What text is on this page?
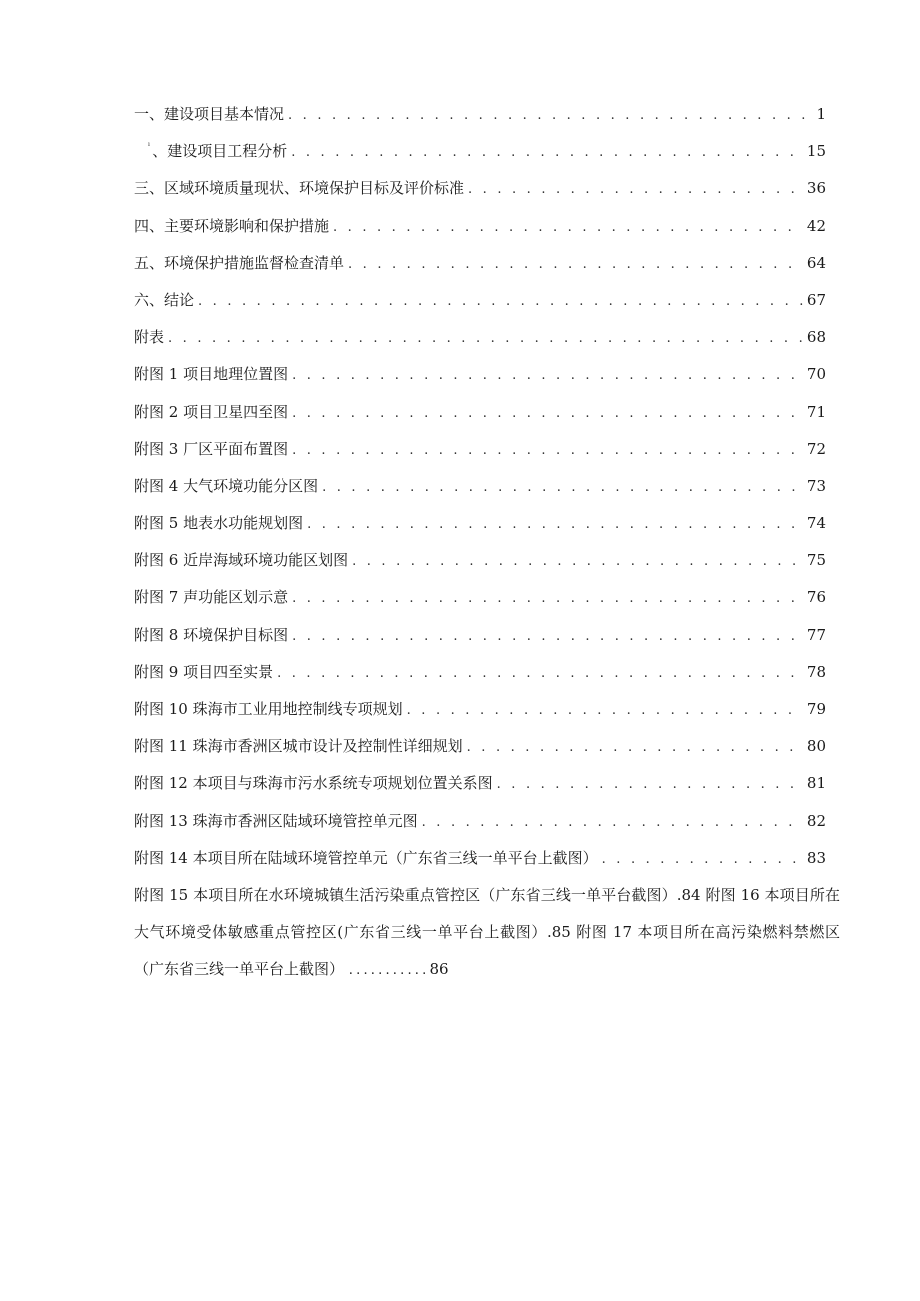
一、建设项目基本情况 . . .	1
$^ˡ$ 、建设项目工程分析 . . .	15
三、区域环境质量现状、环境保护目标及评价标准 . . .	36
四、主要环境影响和保护措施 . . .	42
五、环境保护措施监督检查清单 . . .	64
六、结论 . . .	67
附表 . . .	68
附图 1 项目地理位置图 . . .	70
附图 2 项目卫星四至图 . . .	71
附图 3 厂区平面布置图 . . .	72
附图 4 大气环境功能分区图 . . .	73
附图 5 地表水功能规划图 . . .	74
附图 6 近岸海域环境功能区划图 . . .	75
附图 7 声功能区划示意 . . .	76
附图 8 环境保护目标图 . . .	77
附图 9 项目四至实景 . . .	78
附图 10 珠海市工业用地控制线专项规划 . . .	79
附图 11 珠海市香洲区城市设计及控制性详细规划 . . .	80
附图 12 本项目与珠海市污水系统专项规划位置关系图 . . .	81
附图 13 珠海市香洲区陆域环境管控单元图 . . .	82
附图 14 本项目所在陆域环境管控单元（广东省三线一单平台上截图） . . .	83
附图 15 本项目所在水环境城镇生活污染重点管控区（广东省三线一单平台截图）.84 附图 16 本项目所在大气环境受体敏感重点管控区(广东省三线一单平台上截图）.85 附图 17 本项目所在高污染燃料禁燃区（广东省三线一单平台上截图） ...........86
